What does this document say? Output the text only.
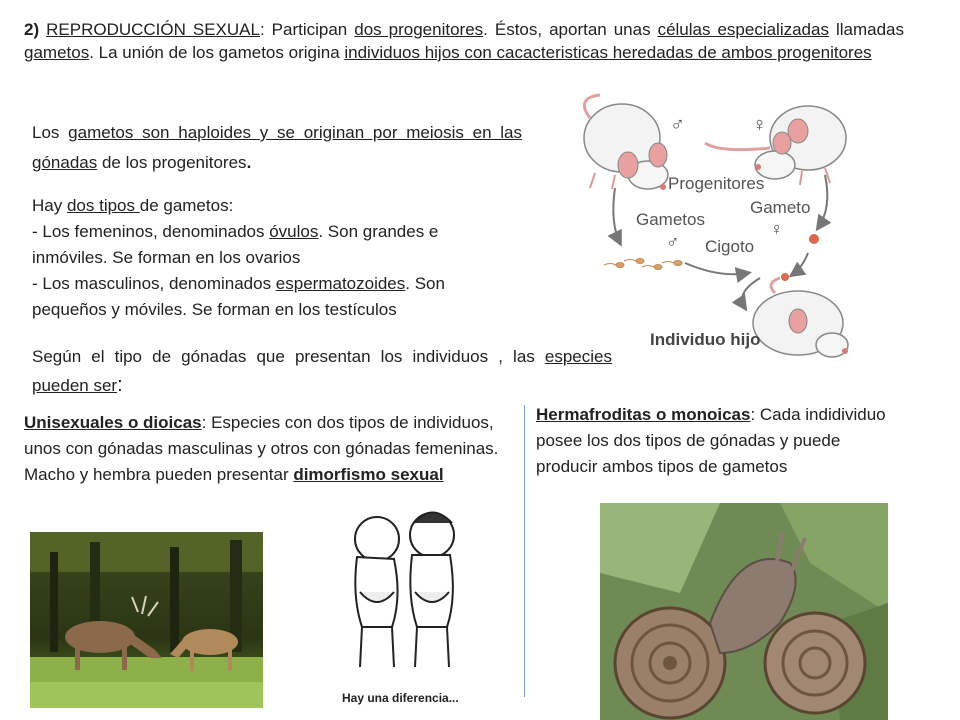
2) REPRODUCCIÓN SEXUAL: Participan dos progenitores. Éstos, aportan unas células especializadas llamadas gametos. La unión de los gametos origina individuos hijos con cacacteristicas heredadas de ambos progenitores
Los gametos son haploides y se originan por meiosis en las gónadas de los progenitores.

Hay dos tipos de gametos:

- Los femeninos, denominados óvulos. Son grandes e inmóviles. Se forman en los ovarios

- Los masculinos, denominados espermatozoides. Son pequeños y móviles. Se forman en los testículos

Según el tipo de gónadas que presentan los individuos , las especies pueden ser:
Unisexuales o dioicas: Especies con dos tipos de individuos, unos con gónadas masculinas y otros con gónadas femeninas. Macho y hembra pueden presentar dimorfismo sexual
Hermafroditas o monoicas: Cada indidividuo posee los dos tipos de gónadas y puede producir ambos tipos de gametos
♂	♀
Progenitores
Gametos
Gameto
♀
♂ Cigoto
Individuo hijo
Hay una diferencia...
